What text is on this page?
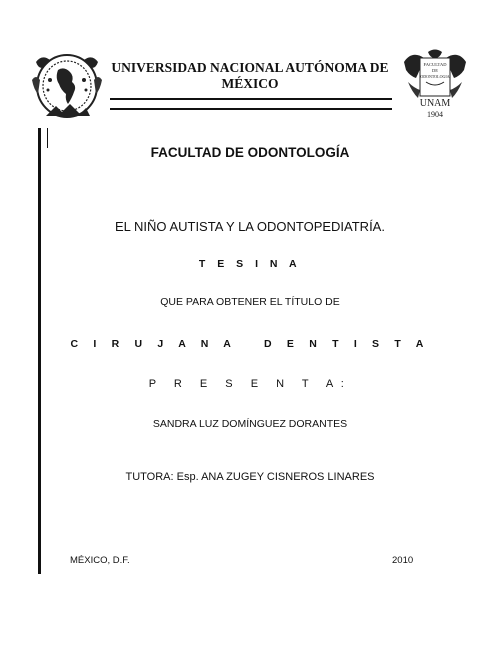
UNIVERSIDAD NACIONAL AUTÓNOMA DE MÉXICO
FACULTAD
DE
ODONTOLOGIA
UNAM
1904
FACULTAD DE ODONTOLOGÍA
EL NIÑO AUTISTA Y LA ODONTOPEDIATRÍA.
T E S I N A
QUE PARA OBTENER EL TÍTULO DE
C I R U J A N A   D E N T I S T A
P R E S E N T A:
SANDRA LUZ DOMÍNGUEZ DORANTES
TUTORA: Esp. ANA ZUGEY CISNEROS LINARES
MÉXICO, D.F.	2010
